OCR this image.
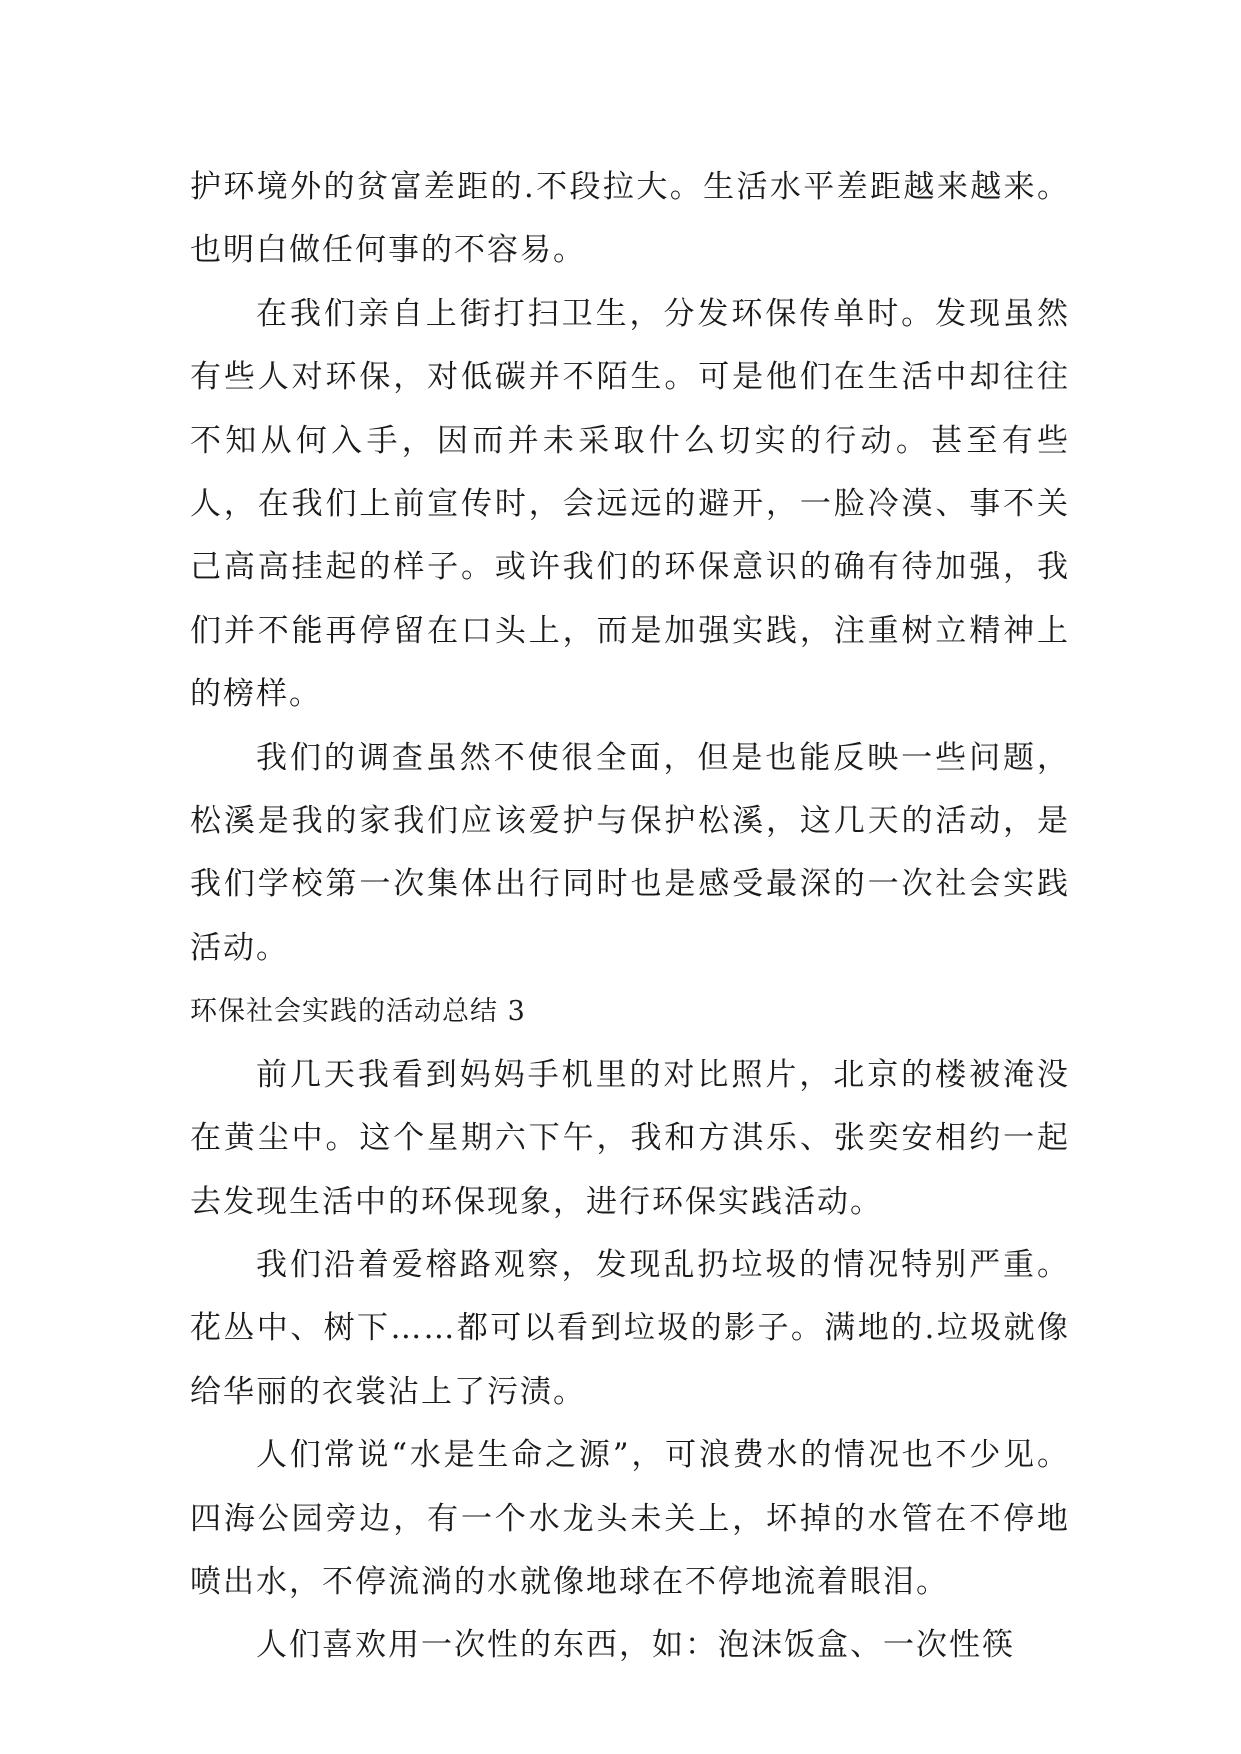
护环境外的贫富差距的.不段拉大。生活水平差距越来越来。也明白做任何事的不容易。

在我们亲自上街打扫卫生，分发环保传单时。发现虽然有些人对环保，对低碳并不陌生。可是他们在生活中却往往不知从何入手，因而并未采取什么切实的行动。甚至有些人，在我们上前宣传时，会远远的避开，一脸冷漠、事不关己高高挂起的样子。或许我们的环保意识的确有待加强，我们并不能再停留在口头上，而是加强实践，注重树立精神上的榜样。

我们的调查虽然不使很全面，但是也能反映一些问题，松溪是我的家我们应该爱护与保护松溪，这几天的活动，是我们学校第一次集体出行同时也是感受最深的一次社会实践活动。

环保社会实践的活动总结 3

前几天我看到妈妈手机里的对比照片，北京的楼被淹没在黄尘中。这个星期六下午，我和方淇乐、张奕安相约一起去发现生活中的环保现象，进行环保实践活动。

我们沿着爱榕路观察，发现乱扔垃圾的情况特别严重。花丛中、树下……都可以看到垃圾的影子。满地的.垃圾就像给华丽的衣裳沾上了污渍。

人们常说“水是生命之源”，可浪费水的情况也不少见。四海公园旁边，有一个水龙头未关上，坏掉的水管在不停地喷出水，不停流淌的水就像地球在不停地流着眼泪。

人们喜欢用一次性的东西，如：泡沫饭盒、一次性筷
